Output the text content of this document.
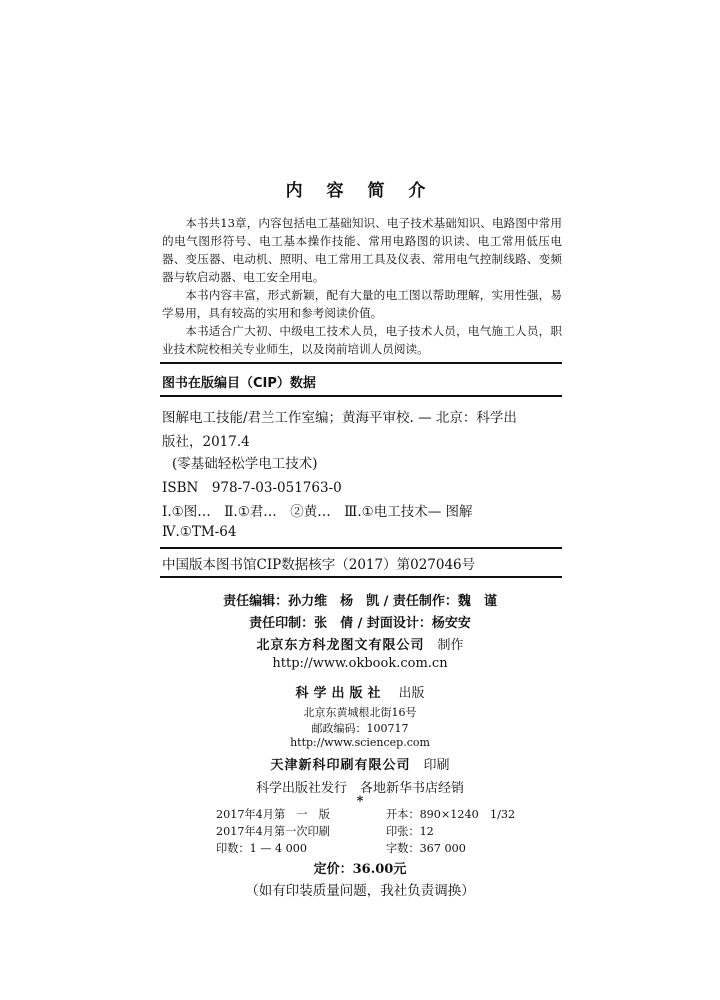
内 容 简 介

本书共13章，内容包括电工基础知识、电子技术基础知识、电路图中常用的电气图形符号、电工基本操作技能、常用电路图的识读、电工常用低压电器、变压器、电动机、照明、电工常用工具及仪表、常用电气控制线路、变频器与软启动器、电工安全用电。

本书内容丰富，形式新颖，配有大量的电工图以帮助理解，实用性强，易学易用，具有较高的实用和参考阅读价值。

本书适合广大初、中级电工技术人员，电子技术人员，电气施工人员，职业技术院校相关专业师生，以及岗前培训人员阅读。

图书在版编目（CIP）数据
图解电工技能/君兰工作室编；黄海平审校. — 北京：科学出
版社，2017.4
(零基础轻松学电工技术)
ISBN　978-7-03-051763-0
Ⅰ.①图…　Ⅱ.①君…　②黄…　Ⅲ.①电工技术— 图解
Ⅳ.①TM-64
中国版本图书馆CIP数据核字（2017）第027046号
责任编辑：孙力维　杨　凯 / 责任制作：魏　谨
责任印制：张　倩 / 封面设计：杨安安
北京东方科龙图文有限公司　 制作
http://www.okbook.com.cn
科学出版社　 出版
北京东黄城根北街16号
邮政编码：100717
http://www.sciencep.com
天津新科印刷有限公司　 印刷
科学出版社发行　各地新华书店经销
*
2017年4月第　一　版	开本：890×1240　1/32
2017年4月第一次印刷	印张：12
印数：1 — 4 000	字数：367 000
定价：36.00元
（如有印装质量问题，我社负责调换）
